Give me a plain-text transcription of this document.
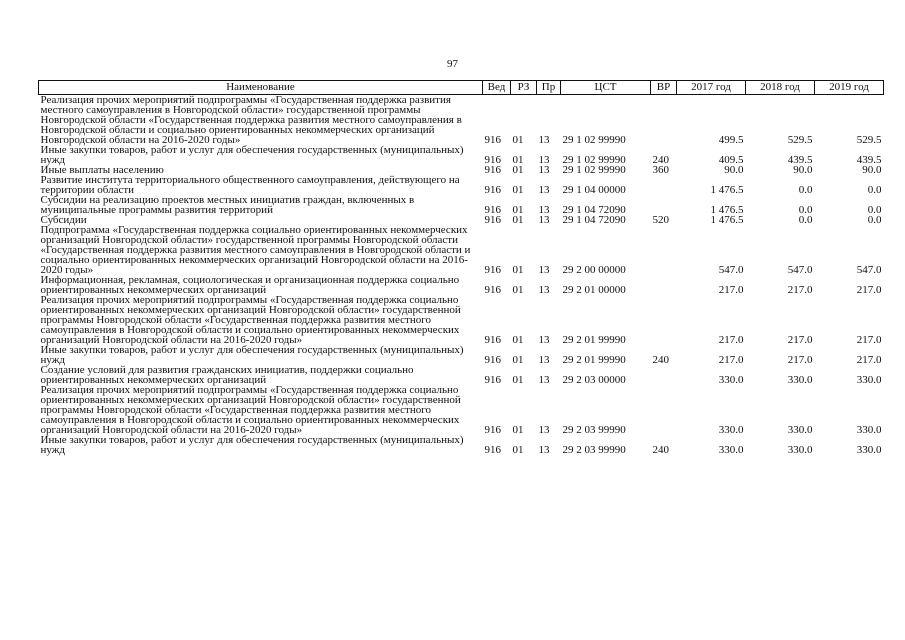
97
Наименование	Вед	РЗ	Пр	ЦСТ	ВР	2017 год	2018 год	2019 год
Реализация прочих мероприятий подпрограммы «Государственная поддержка развития местного самоуправления в Новгородской области» государственной программы Новгородской области «Государственная поддержка развития местного самоуправления в Новгородской области и социально ориентированных некоммерческих организаций Новгородской области на 2016-2020 годы»	916	01	13	29 1 02 99990		499.5	529.5	529.5
Иные закупки товаров, работ и услуг для обеспечения государственных (муниципальных) нужд	916	01	13	29 1 02 99990	240	409.5	439.5	439.5
Иные выплаты населению	916	01	13	29 1 02 99990	360	90.0	90.0	90.0
Развитие института территориального общественного самоуправления, действующего на территории области	916	01	13	29 1 04 00000		1 476.5	0.0	0.0
Субсидии на реализацию проектов местных инициатив граждан, включенных в муниципальные программы развития территорий	916	01	13	29 1 04 72090		1 476.5	0.0	0.0
Субсидии	916	01	13	29 1 04 72090	520	1 476.5	0.0	0.0
Подпрограмма «Государственная поддержка социально ориентированных некоммерческих организаций Новгородской области» государственной программы Новгородской области «Государственная поддержка развития местного самоуправления в Новгородской области и социально ориентированных некоммерческих организаций Новгородской области на 2016-2020 годы»	916	01	13	29 2 00 00000		547.0	547.0	547.0
Информационная, рекламная, социологическая и организационная поддержка социально ориентированных некоммерческих организаций	916	01	13	29 2 01 00000		217.0	217.0	217.0
Реализация прочих мероприятий подпрограммы «Государственная поддержка социально ориентированных некоммерческих организаций Новгородской области» государственной программы Новгородской области «Государственная поддержка развития местного самоуправления в Новгородской области и социально ориентированных некоммерческих организаций Новгородской области на 2016-2020 годы»	916	01	13	29 2 01 99990		217.0	217.0	217.0
Иные закупки товаров, работ и услуг для обеспечения государственных (муниципальных) нужд	916	01	13	29 2 01 99990	240	217.0	217.0	217.0
Создание условий для развития гражданских инициатив, поддержки социально ориентированных некоммерческих организаций	916	01	13	29 2 03 00000		330.0	330.0	330.0
Реализация прочих мероприятий подпрограммы «Государственная поддержка социально ориентированных некоммерческих организаций Новгородской области» государственной программы Новгородской области «Государственная поддержка развития местного самоуправления в Новгородской области и социально ориентированных некоммерческих организаций Новгородской области на 2016-2020 годы»	916	01	13	29 2 03 99990		330.0	330.0	330.0
Иные закупки товаров, работ и услуг для обеспечения государственных (муниципальных) нужд	916	01	13	29 2 03 99990	240	330.0	330.0	330.0
